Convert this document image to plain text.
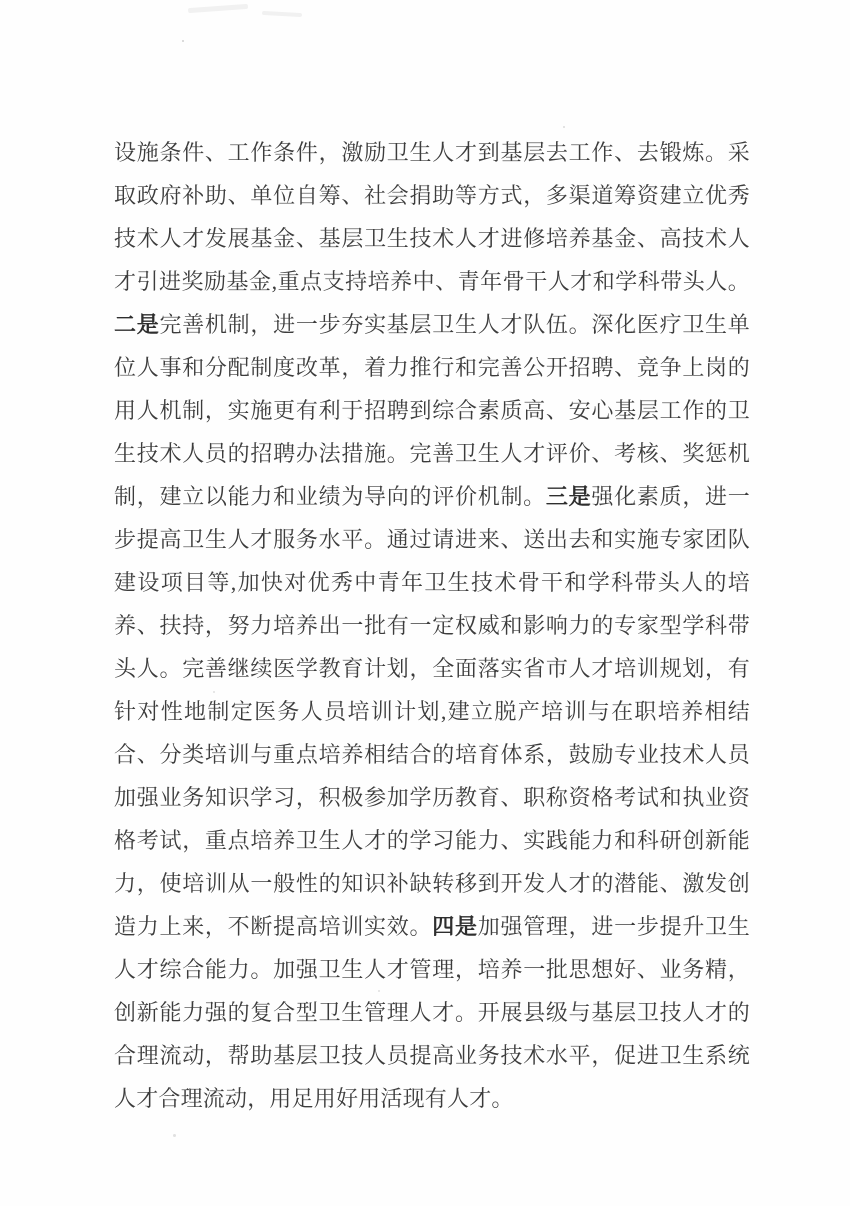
设施条件、工作条件，激励卫生人才到基层去工作、去锻炼。采
取政府补助、单位自筹、社会捐助等方式，多渠道筹资建立优秀
技术人才发展基金、基层卫生技术人才进修培养基金、高技术人
才引进奖励基金,重点支持培养中、青年骨干人才和学科带头人。
二是完善机制，进一步夯实基层卫生人才队伍。深化医疗卫生单
位人事和分配制度改革，着力推行和完善公开招聘、竞争上岗的
用人机制，实施更有利于招聘到综合素质高、安心基层工作的卫
生技术人员的招聘办法措施。完善卫生人才评价、考核、奖惩机
制，建立以能力和业绩为导向的评价机制。三是强化素质，进一
步提高卫生人才服务水平。通过请进来、送出去和实施专家团队
建设项目等,加快对优秀中青年卫生技术骨干和学科带头人的培
养、扶持，努力培养出一批有一定权威和影响力的专家型学科带
头人。完善继续医学教育计划，全面落实省市人才培训规划，有
针对性地制定医务人员培训计划,建立脱产培训与在职培养相结
合、分类培训与重点培养相结合的培育体系，鼓励专业技术人员
加强业务知识学习，积极参加学历教育、职称资格考试和执业资
格考试，重点培养卫生人才的学习能力、实践能力和科研创新能
力，使培训从一般性的知识补缺转移到开发人才的潜能、激发创
造力上来，不断提高培训实效。四是加强管理，进一步提升卫生
人才综合能力。加强卫生人才管理，培养一批思想好、业务精，
创新能力强的复合型卫生管理人才。开展县级与基层卫技人才的
合理流动，帮助基层卫技人员提高业务技术水平，促进卫生系统
人才合理流动，用足用好用活现有人才。
